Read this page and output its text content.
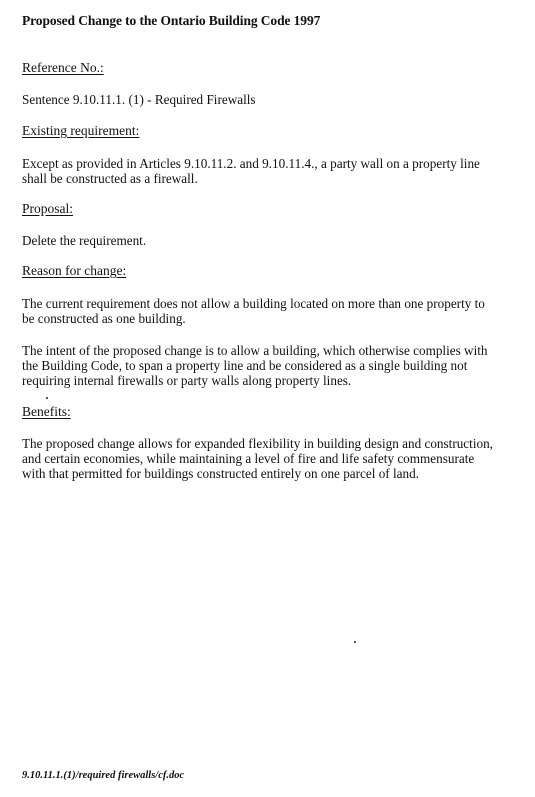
Proposed Change to the Ontario Building Code 1997
Reference No.:
Sentence 9.10.11.1. (1) - Required Firewalls
Existing requirement:
Except as provided in Articles 9.10.11.2. and 9.10.11.4., a party wall on a property line
shall be constructed as a firewall.
Proposal:
Delete the requirement.
Reason for change:
The current requirement does not allow a building located on more than one property to
be constructed as one building.
The intent of the proposed change is to allow a building, which otherwise complies with
the Building Code, to span a property line and be considered as a single building not
requiring internal firewalls or party walls along property lines.
Benefits:
The proposed change allows for expanded flexibility in building design and construction,
and certain economies, while maintaining a level of fire and life safety commensurate
with that permitted for buildings constructed entirely on one parcel of land.
9.10.11.1.(1)/required firewalls/cf.doc
